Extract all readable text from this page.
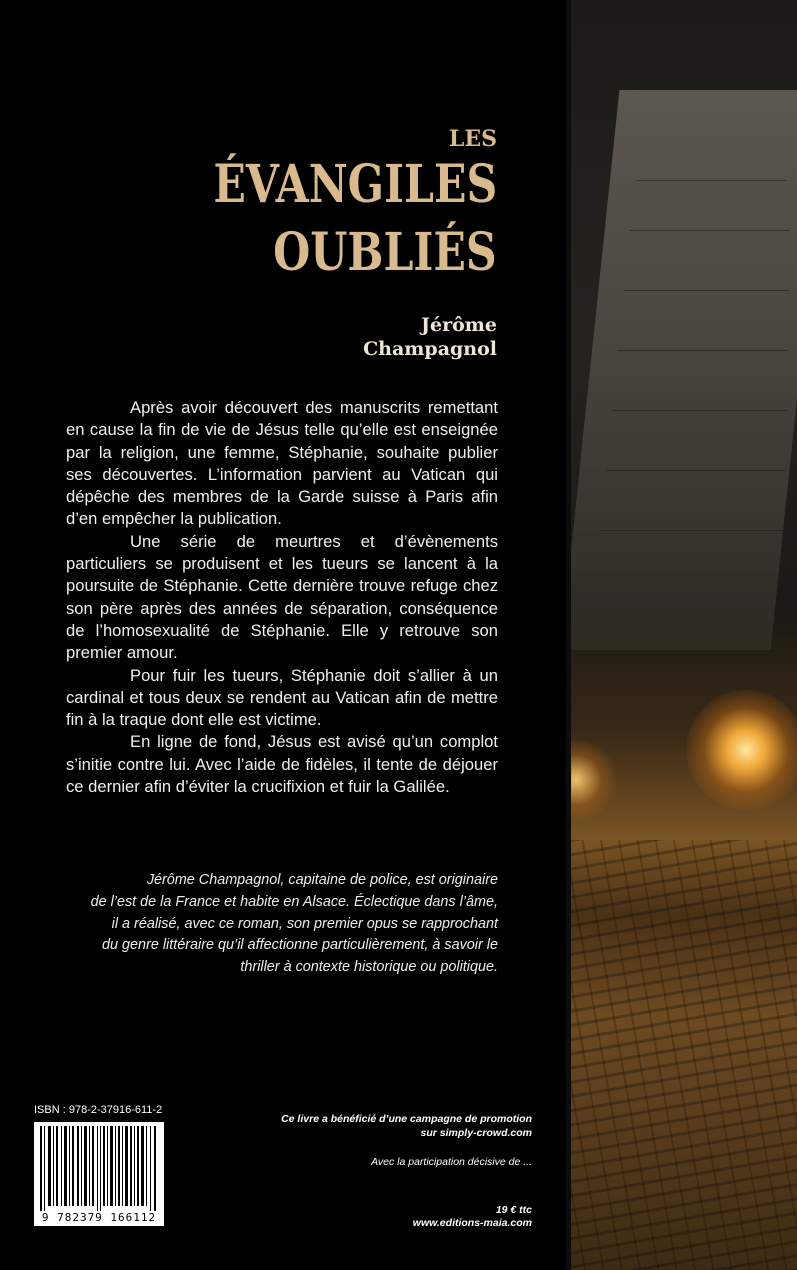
LES
ÉVANGILES
OUBLIÉS
Jérôme
Champagnol

Après avoir découvert des manuscrits remettant en cause la fin de vie de Jésus telle qu’elle est enseignée par la religion, une femme, Stéphanie, souhaite publier ses découvertes. L’information parvient au Vatican qui dépêche des membres de la Garde suisse à Paris afin d’en empêcher la publication.

Une série de meurtres et d’évènements particuliers se produisent et les tueurs se lancent à la poursuite de Stéphanie. Cette dernière trouve refuge chez son père après des années de séparation, conséquence de l’homosexualité de Stéphanie. Elle y retrouve son premier amour.

Pour fuir les tueurs, Stéphanie doit s’allier à un cardinal et tous deux se rendent au Vatican afin de mettre fin à la traque dont elle est victime.

En ligne de fond, Jésus est avisé qu’un complot s’initie contre lui. Avec l’aide de fidèles, il tente de déjouer ce dernier afin d’éviter la crucifixion et fuir la Galilée.

Jérôme Champagnol, capitaine de police, est originaire

de l’est de la France et habite en Alsace. Éclectique dans l’âme,

il a réalisé, avec ce roman, son premier opus se rapprochant

du genre littéraire qu’il affectionne particulièrement, à savoir le

thriller à contexte historique ou politique.

ISBN : 978-2-37916-611-2
9 782379 166112
Ce livre a bénéficié d’une campagne de promotion
sur simply-crowd.com
Avec la participation décisive de ...
19 € ttc
www.editions-maia.com
